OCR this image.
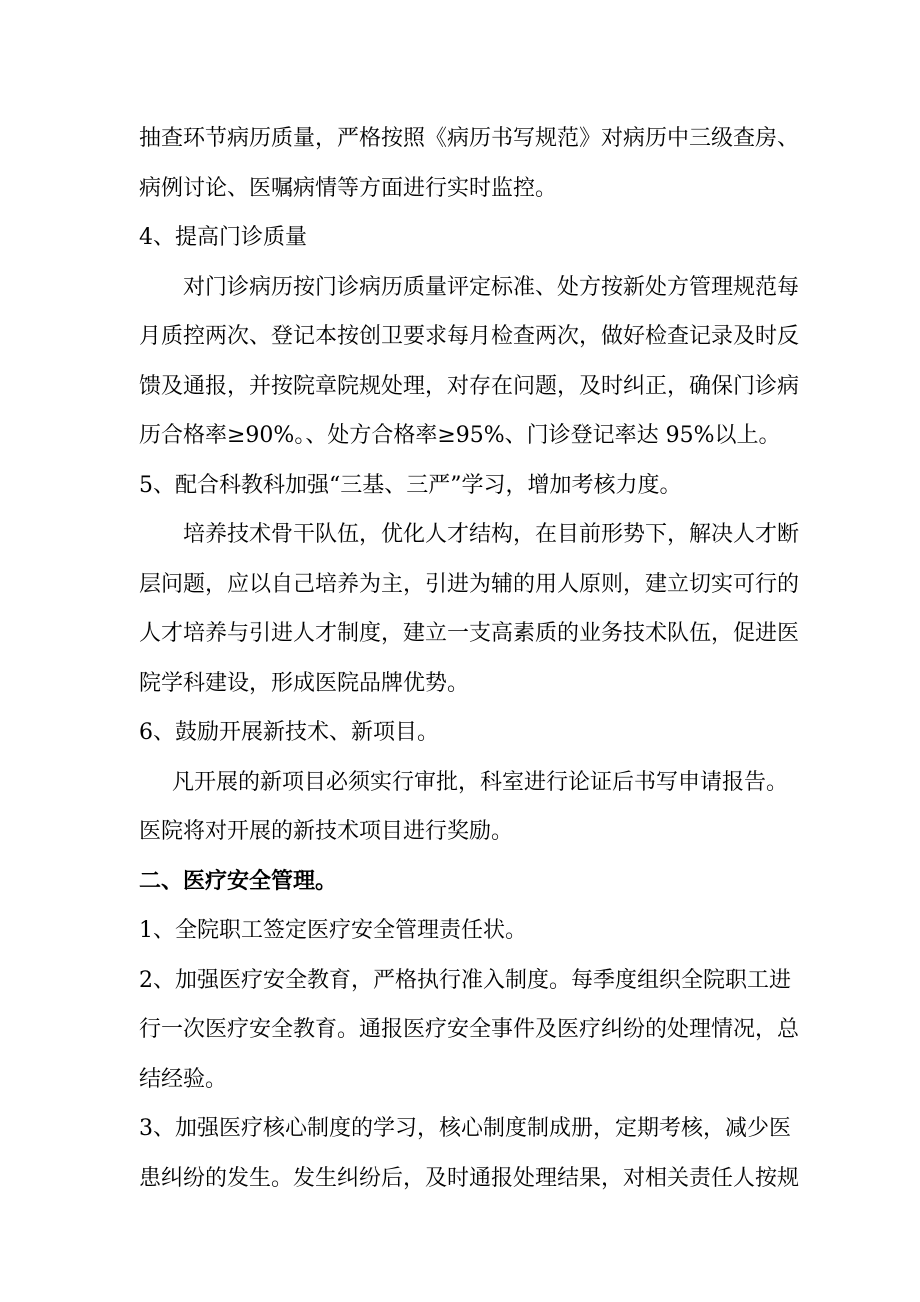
抽查环节病历质量，严格按照《病历书写规范》对病历中三级查房、
病例讨论、医嘱病情等方面进行实时监控。
4、提高门诊质量
对门诊病历按门诊病历质量评定标准、处方按新处方管理规范每
月质控两次、登记本按创卫要求每月检查两次，做好检查记录及时反
馈及通报，并按院章院规处理，对存在问题，及时纠正，确保门诊病
历合格率≥90%。、处方合格率≥95%、门诊登记率达 95%以上。
5、配合科教科加强“三基、三严”学习，增加考核力度。
培养技术骨干队伍，优化人才结构，在目前形势下，解决人才断
层问题，应以自己培养为主，引进为辅的用人原则，建立切实可行的
人才培养与引进人才制度，建立一支高素质的业务技术队伍，促进医
院学科建设，形成医院品牌优势。
6、鼓励开展新技术、新项目。
凡开展的新项目必须实行审批，科室进行论证后书写申请报告。
医院将对开展的新技术项目进行奖励。
二、医疗安全管理。
1、全院职工签定医疗安全管理责任状。
2、加强医疗安全教育，严格执行准入制度。每季度组织全院职工进
行一次医疗安全教育。通报医疗安全事件及医疗纠纷的处理情况，总
结经验。
3、加强医疗核心制度的学习，核心制度制成册，定期考核，减少医
患纠纷的发生。发生纠纷后，及时通报处理结果，对相关责任人按规
